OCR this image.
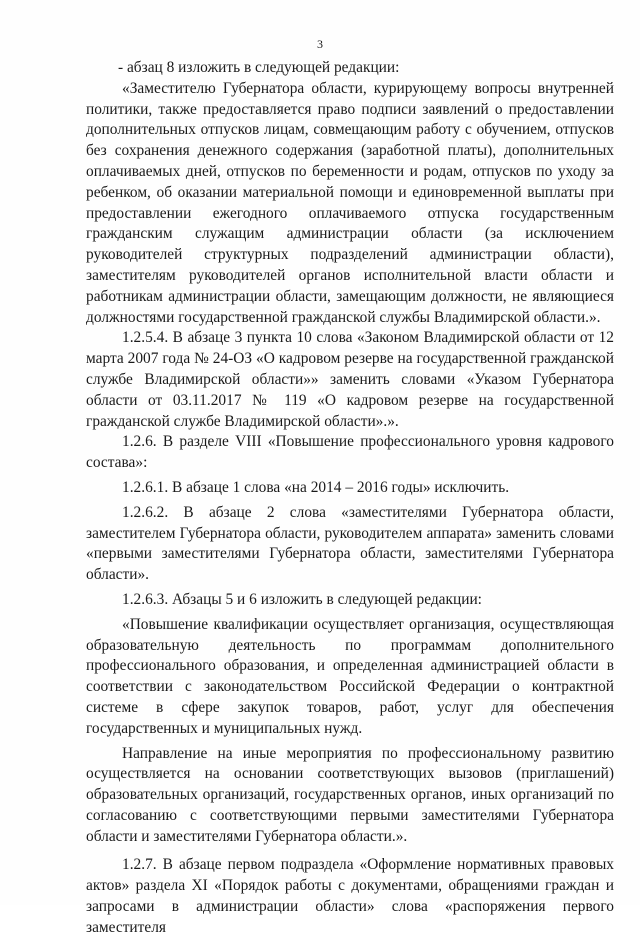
3

- абзац 8 изложить в следующей редакции:

«Заместителю Губернатора области, курирующему вопросы внутренней политики, также предоставляется право подписи заявлений о предоставлении дополнительных отпусков лицам, совмещающим работу с обучением, отпусков без сохранения денежного содержания (заработной платы), дополнительных оплачиваемых дней, отпусков по беременности и родам, отпусков по уходу за ребенком, об оказании материальной помощи и единовременной выплаты при предоставлении ежегодного оплачиваемого отпуска государственным гражданским служащим администрации области (за исключением руководителей структурных подразделений администрации области), заместителям руководителей органов исполнительной власти области и работникам администрации области, замещающим должности, не являющиеся должностями государственной гражданской службы Владимирской области.».

1.2.5.4. В абзаце 3 пункта 10 слова «Законом Владимирской области от 12 марта 2007 года № 24-ОЗ «О кадровом резерве на государственной гражданской службе Владимирской области»» заменить словами «Указом Губернатора области от 03.11.2017 № 119 «О кадровом резерве на государственной гражданской службе Владимирской области».».

1.2.6. В разделе VIII «Повышение профессионального уровня кадрового состава»:

1.2.6.1. В абзаце 1 слова «на 2014 – 2016 годы» исключить.

1.2.6.2. В абзаце 2 слова «заместителями Губернатора области, заместителем Губернатора области, руководителем аппарата» заменить словами «первыми заместителями Губернатора области, заместителями Губернатора области».

1.2.6.3. Абзацы 5 и 6 изложить в следующей редакции:

«Повышение квалификации осуществляет организация, осуществляющая образовательную деятельность по программам дополнительного профессионального образования, и определенная администрацией области в соответствии с законодательством Российской Федерации о контрактной системе в сфере закупок товаров, работ, услуг для обеспечения государственных и муниципальных нужд.

Направление на иные мероприятия по профессиональному развитию осуществляется на основании соответствующих вызовов (приглашений) образовательных организаций, государственных органов, иных организаций по согласованию с соответствующими первыми заместителями Губернатора области и заместителями Губернатора области.».

1.2.7. В абзаце первом подраздела «Оформление нормативных правовых актов» раздела XI «Порядок работы с документами, обращениями граждан и запросами в администрации области» слова «распоряжения первого заместителя
